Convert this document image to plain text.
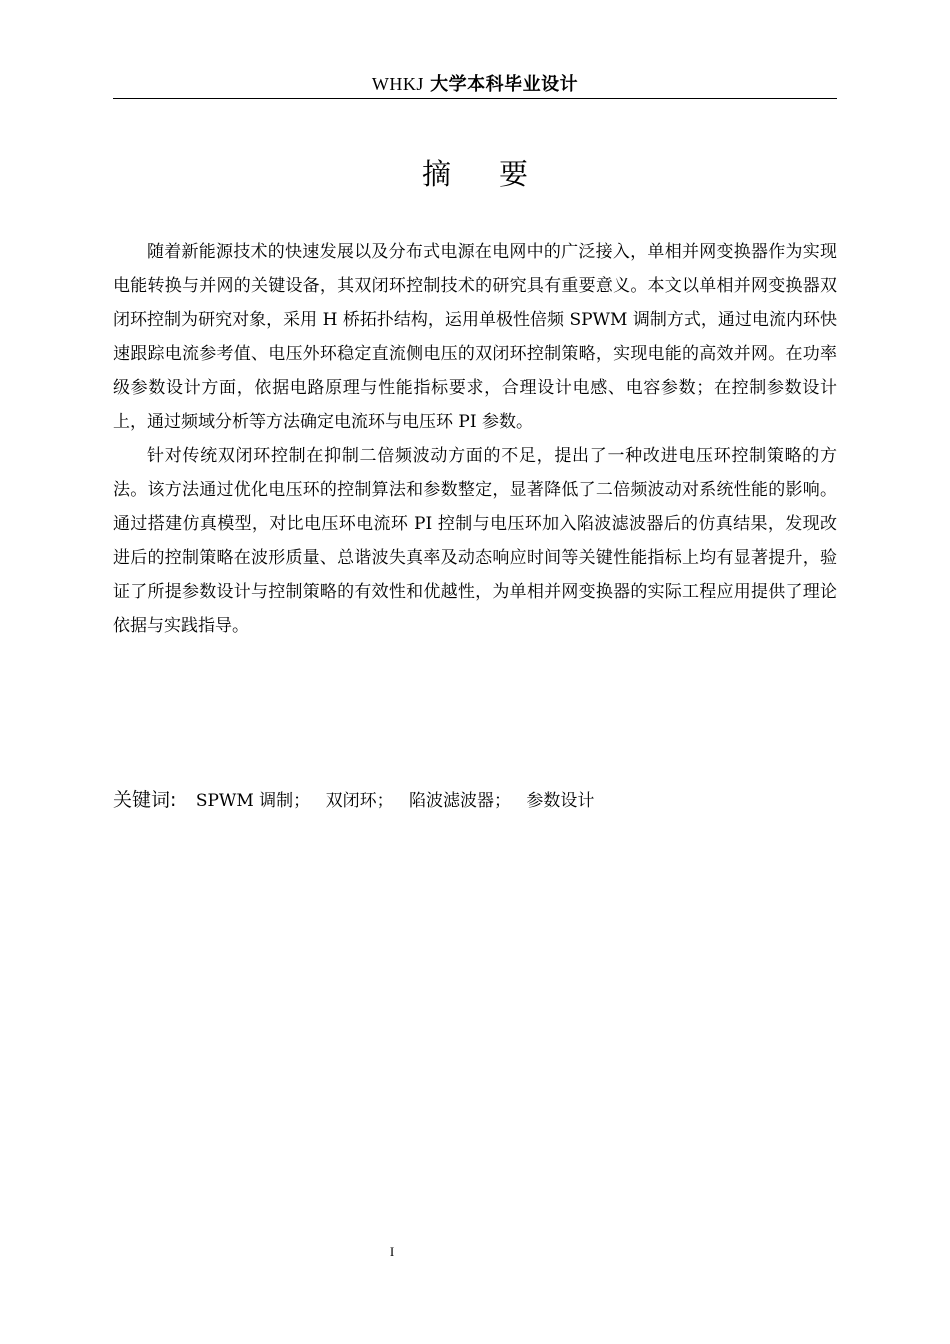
WHKJ 大学本科毕业设计
摘要

随着新能源技术的快速发展以及分布式电源在电网中的广泛接入，单相并网变换器作为实现电能转换与并网的关键设备，其双闭环控制技术的研究具有重要意义。本文以单相并网变换器双闭环控制为研究对象，采用 H 桥拓扑结构，运用单极性倍频 SPWM 调制方式，通过电流内环快速跟踪电流参考值、电压外环稳定直流侧电压的双闭环控制策略，实现电能的高效并网。在功率级参数设计方面，依据电路原理与性能指标要求，合理设计电感、电容参数；在控制参数设计上，通过频域分析等方法确定电流环与电压环 PI 参数。

针对传统双闭环控制在抑制二倍频波动方面的不足，提出了一种改进电压环控制策略的方法。该方法通过优化电压环的控制算法和参数整定，显著降低了二倍频波动对系统性能的影响。通过搭建仿真模型，对比电压环电流环 PI 控制与电压环加入陷波滤波器后的仿真结果，发现改进后的控制策略在波形质量、总谐波失真率及动态响应时间等关键性能指标上均有显著提升，验证了所提参数设计与控制策略的有效性和优越性，为单相并网变换器的实际工程应用提供了理论依据与实践指导。

关键词: SPWM 调制； 双闭环； 陷波滤波器； 参数设计
I
